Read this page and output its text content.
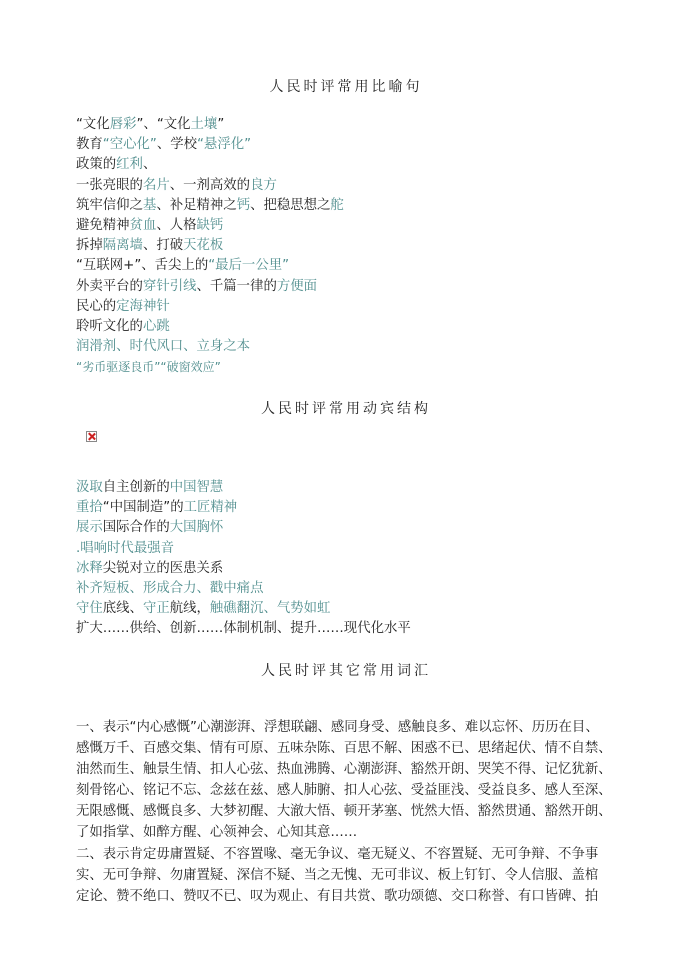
人民时评常用比喻句
“文化唇彩”、“文化土壤”
教育“空心化”、学校“悬浮化”
政策的红利、
一张亮眼的名片、一剂高效的良方
筑牢信仰之基、补足精神之钙、把稳思想之舵
避免精神贫血、人格缺钙
拆掉隔离墙、打破天花板
“互联网+”、舌尖上的“最后一公里”
外卖平台的穿针引线、千篇一律的方便面
民心的定海神针
聆听文化的心跳
润滑剂、时代风口、立身之本
“劣币驱逐良币”“破窗效应”
人民时评常用动宾结构
汲取自主创新的中国智慧
重拾“中国制造”的工匠精神
展示国际合作的大国胸怀
.唱响时代最强音
冰释尖锐对立的医患关系
补齐短板、形成合力、戳中痛点
守住底线、守正航线，触礁翻沉、气势如虹
扩大……供给、创新……体制机制、提升……现代化水平
人民时评其它常用词汇
一、表示“内心感慨”心潮澎湃、浮想联翩、感同身受、感触良多、难以忘怀、历历在目、
感慨万千、百感交集、情有可原、五味杂陈、百思不解、困惑不已、思绪起伏、情不自禁、
油然而生、触景生情、扣人心弦、热血沸腾、心潮澎湃、豁然开朗、哭笑不得、记忆犹新、
刻骨铭心、铭记不忘、念兹在兹、感人肺腑、扣人心弦、受益匪浅、受益良多、感人至深、
无限感慨、感慨良多、大梦初醒、大澈大悟、顿开茅塞、恍然大悟、豁然贯通、豁然开朗、
了如指掌、如醉方醒、心领神会、心知其意……
二、表示肯定毋庸置疑、不容置喙、毫无争议、毫无疑义、不容置疑、无可争辩、不争事
实、无可争辩、勿庸置疑、深信不疑、当之无愧、无可非议、板上钉钉、令人信服、盖棺
定论、赞不绝口、赞叹不已、叹为观止、有目共赏、歌功颂德、交口称誉、有口皆碑、拍
